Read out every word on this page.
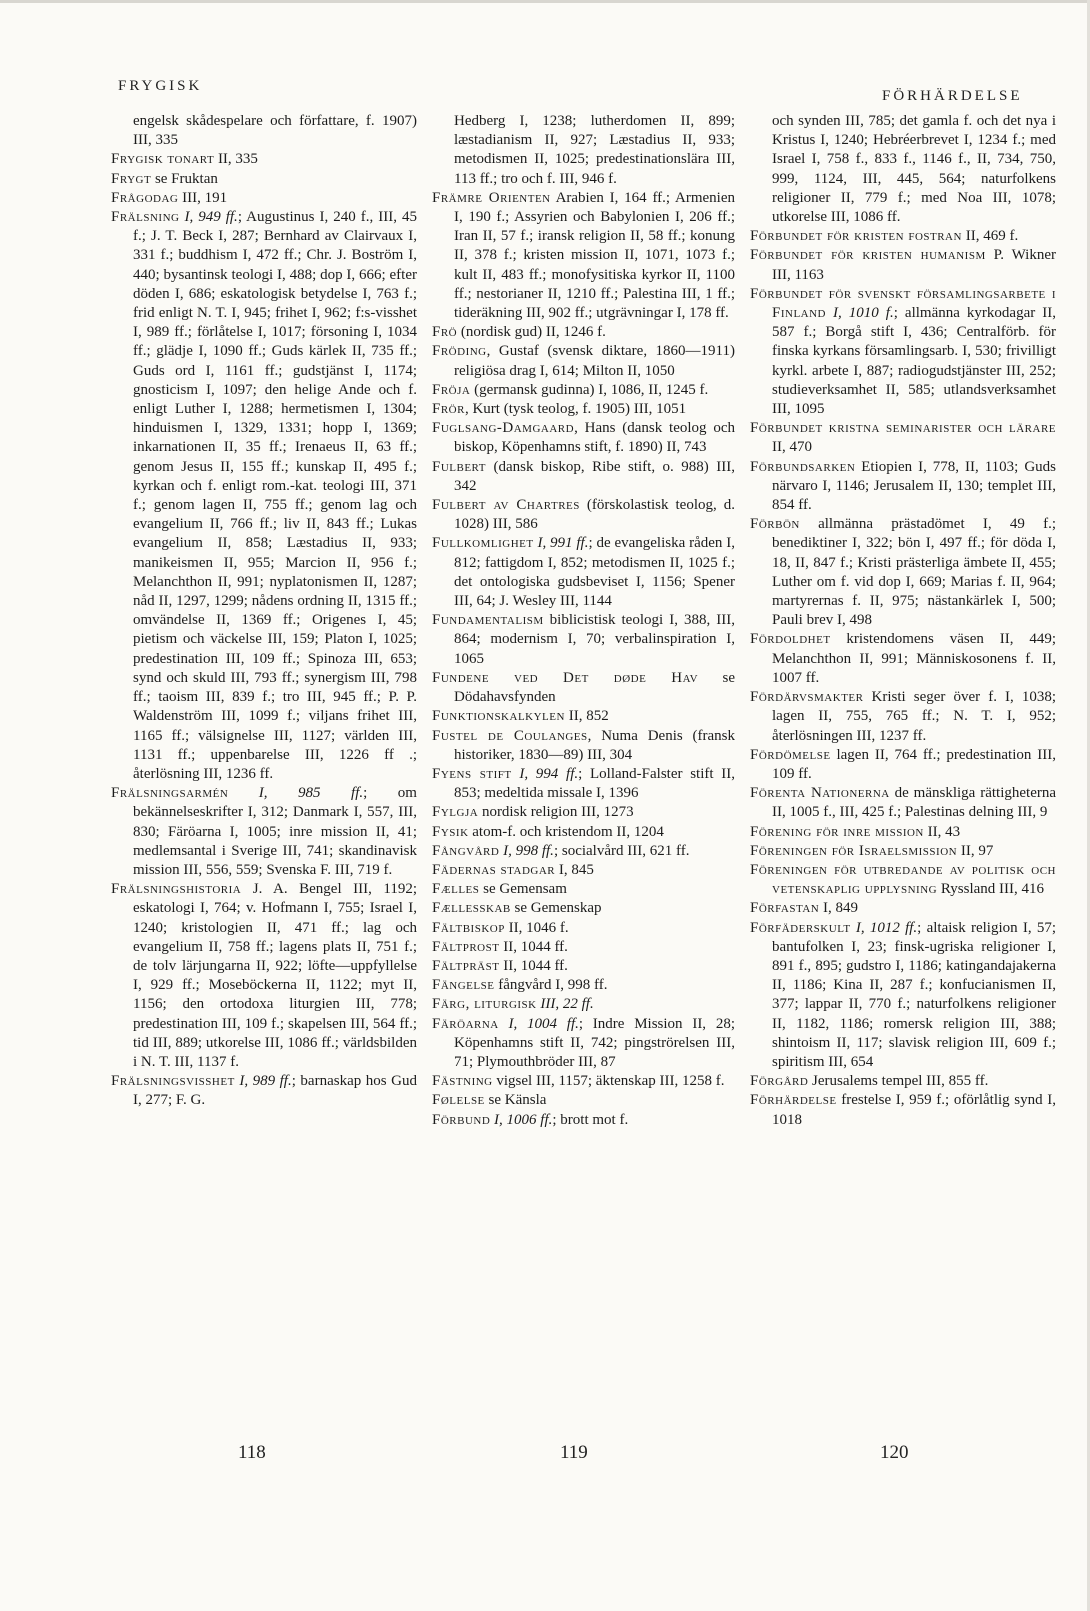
FRYGISK
FÖRHÄRDELSE

engelsk skådespelare och författare, f. 1907) III, 335

Frygisk tonart II, 335

Frygt se Fruktan

Frågodag III, 191

Frälsning I, 949 ff.; Augustinus I, 240 f., III, 45 f.; J. T. Beck I, 287; Bernhard av Clairvaux I, 331 f.; buddhism I, 472 ff.; Chr. J. Boström I, 440; bysantinsk teologi I, 488; dop I, 666; efter döden I, 686; eskatologisk betydelse I, 763 f.; frid enligt N. T. I, 945; frihet I, 962; f:s-visshet I, 989 ff.; förlåtelse I, 1017; försoning I, 1034 ff.; glädje I, 1090 ff.; Guds kärlek II, 735 ff.; Guds ord I, 1161 ff.; gudstjänst I, 1174; gnosticism I, 1097; den helige Ande och f. enligt Luther I, 1288; hermetismen I, 1304; hinduismen I, 1329, 1331; hopp I, 1369; inkarnationen II, 35 ff.; Irenaeus II, 63 ff.; genom Jesus II, 155 ff.; kunskap II, 495 f.; kyrkan och f. enligt rom.-kat. teologi III, 371 f.; genom lagen II, 755 ff.; genom lag och evangelium II, 766 ff.; liv II, 843 ff.; Lukas evangelium II, 858; Læstadius II, 933; manikeismen II, 955; Marcion II, 956 f.; Melanchthon II, 991; nyplatonismen II, 1287; nåd II, 1297, 1299; nådens ordning II, 1315 ff.; omvändelse II, 1369 ff.; Origenes I, 45; pietism och väckelse III, 159; Platon I, 1025; predestination III, 109 ff.; Spinoza III, 653; synd och skuld III, 793 ff.; synergism III, 798 ff.; taoism III, 839 f.; tro III, 945 ff.; P. P. Waldenström III, 1099 f.; viljans frihet III, 1165 ff.; välsignelse III, 1127; världen III, 1131 ff.; uppenbarelse III, 1226 ff .; återlösning III, 1236 ff.

Frälsningsarmén I, 985 ff.; om bekännelseskrifter I, 312; Danmark I, 557, III, 830; Färöarna I, 1005; inre mission II, 41; medlemsantal i Sverige III, 741; skandinavisk mission III, 556, 559; Svenska F. III, 719 f.

Frälsningshistoria J. A. Bengel III, 1192; eskatologi I, 764; v. Hofmann I, 755; Israel I, 1240; kristologien II, 471 ff.; lag och evangelium II, 758 ff.; lagens plats II, 751 f.; de tolv lärjungarna II, 922; löfte—uppfyllelse I, 929 ff.; Moseböckerna II, 1122; myt II, 1156; den ortodoxa liturgien III, 778; predestination III, 109 f.; skapelsen III, 564 ff.; tid III, 889; utkorelse III, 1086 ff.; världsbilden i N. T. III, 1137 f.

Frälsningsvisshet I, 989 ff.; barnaskap hos Gud I, 277; F. G.

Hedberg I, 1238; lutherdomen II, 899; læstadianism II, 927; Læstadius II, 933; metodismen II, 1025; predestinationslära III, 113 ff.; tro och f. III, 946 f.

Främre Orienten Arabien I, 164 ff.; Armenien I, 190 f.; Assyrien och Babylonien I, 206 ff.; Iran II, 57 f.; iransk religion II, 58 ff.; konung II, 378 f.; kristen mission II, 1071, 1073 f.; kult II, 483 ff.; monofysitiska kyrkor II, 1100 ff.; nestorianer II, 1210 ff.; Palestina III, 1 ff.; tideräkning III, 902 ff.; utgrävningar I, 178 ff.

Frö (nordisk gud) II, 1246 f.

Fröding, Gustaf (svensk diktare, 1860—1911) religiösa drag I, 614; Milton II, 1050

Fröja (germansk gudinna) I, 1086, II, 1245 f.

Frör, Kurt (tysk teolog, f. 1905) III, 1051

Fuglsang-Damgaard, Hans (dansk teolog och biskop, Köpenhamns stift, f. 1890) II, 743

Fulbert (dansk biskop, Ribe stift, o. 988) III, 342

Fulbert av Chartres (förskolastisk teolog, d. 1028) III, 586

Fullkomlighet I, 991 ff.; de evangeliska råden I, 812; fattigdom I, 852; metodismen II, 1025 f.; det ontologiska gudsbeviset I, 1156; Spener III, 64; J. Wesley III, 1144

Fundamentalism biblicistisk teologi I, 388, III, 864; modernism I, 70; verbalinspiration I, 1065

Fundene ved Det døde Hav se Dödahavsfynden

Funktionskalkylen II, 852

Fustel de Coulanges, Numa Denis (fransk historiker, 1830—89) III, 304

Fyens stift I, 994 ff.; Lolland-Falster stift II, 853; medeltida missale I, 1396

Fylgja nordisk religion III, 1273

Fysik atom-f. och kristendom II, 1204

Fångvård I, 998 ff.; socialvård III, 621 ff.

Fädernas stadgar I, 845

Fælles se Gemensam

Fællesskab se Gemenskap

Fältbiskop II, 1046 f.

Fältprost II, 1044 ff.

Fältpräst II, 1044 ff.

Fängelse fångvård I, 998 ff.

Färg, liturgisk III, 22 ff.

Färöarna I, 1004 ff.; Indre Mission II, 28; Köpenhamns stift II, 742; pingströrelsen III, 71; Plymouthbröder III, 87

Fästning vigsel III, 1157; äktenskap III, 1258 f.

Følelse se Känsla

Förbund I, 1006 ff.; brott mot f.

och synden III, 785; det gamla f. och det nya i Kristus I, 1240; Hebréerbrevet I, 1234 f.; med Israel I, 758 f., 833 f., 1146 f., II, 734, 750, 999, 1124, III, 445, 564; naturfolkens religioner II, 779 f.; med Noa III, 1078; utkorelse III, 1086 ff.

Förbundet för kristen fostran II, 469 f.

Förbundet för kristen humanism P. Wikner III, 1163

Förbundet för svenskt församlingsarbete i Finland I, 1010 f.; allmänna kyrkodagar II, 587 f.; Borgå stift I, 436; Centralförb. för finska kyrkans församlingsarb. I, 530; frivilligt kyrkl. arbete I, 887; radiogudstjänster III, 252; studieverksamhet II, 585; utlandsverksamhet III, 1095

Förbundet kristna seminarister och lärare II, 470

Förbundsarken Etiopien I, 778, II, 1103; Guds närvaro I, 1146; Jerusalem II, 130; templet III, 854 ff.

Förbön allmänna prästadömet I, 49 f.; benediktiner I, 322; bön I, 497 ff.; för döda I, 18, II, 847 f.; Kristi prästerliga ämbete II, 455; Luther om f. vid dop I, 669; Marias f. II, 964; martyrernas f. II, 975; nästankärlek I, 500; Pauli brev I, 498

Fördoldhet kristendomens väsen II, 449; Melanchthon II, 991; Människosonens f. II, 1007 ff.

Fördärvsmakter Kristi seger över f. I, 1038; lagen II, 755, 765 ff.; N. T. I, 952; återlösningen III, 1237 ff.

Fördömelse lagen II, 764 ff.; predestination III, 109 ff.

Förenta Nationerna de mänskliga rättigheterna II, 1005 f., III, 425 f.; Palestinas delning III, 9

Förening för inre mission II, 43

Föreningen för Israelsmission II, 97

Föreningen för utbredande av politisk och vetenskaplig upplysning Ryssland III, 416

Förfastan I, 849

Förfäderskult I, 1012 ff.; altaisk religion I, 57; bantufolken I, 23; finsk-ugriska religioner I, 891 f., 895; gudstro I, 1186; katingandajakerna II, 1186; Kina II, 287 f.; konfucianismen II, 377; lappar II, 770 f.; naturfolkens religioner II, 1182, 1186; romersk religion III, 388; shintoism II, 117; slavisk religion III, 609 f.; spiritism III, 654

Förgård Jerusalems tempel III, 855 ff.

Förhärdelse frestelse I, 959 f.; oförlåtlig synd I, 1018

118	119	120
